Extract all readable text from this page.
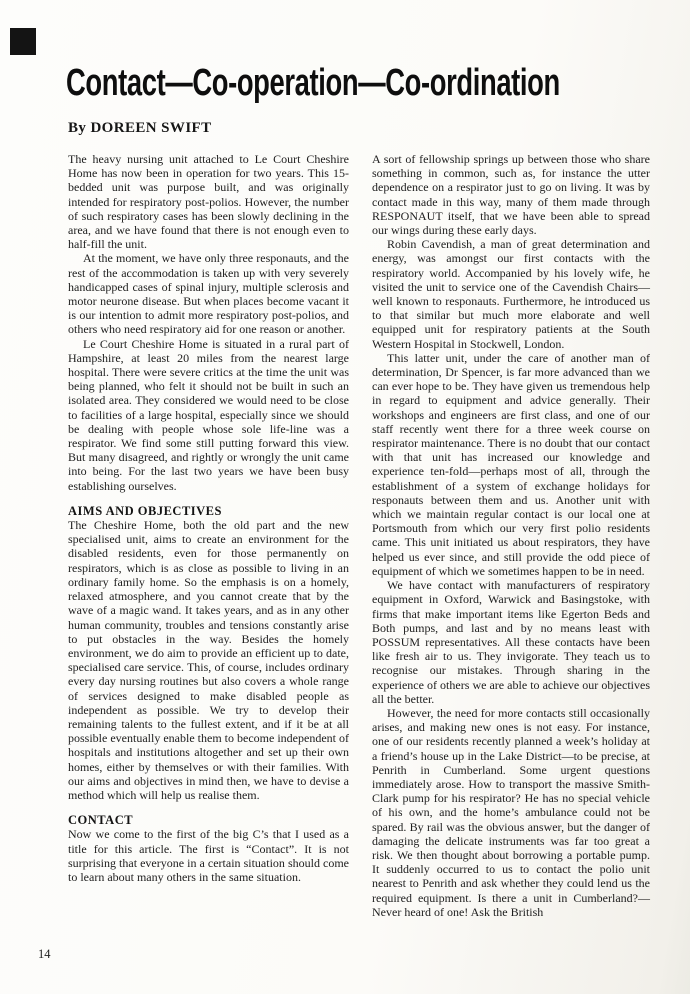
Contact—Co-operation—Co-ordination
By DOREEN SWIFT

The heavy nursing unit attached to Le Court Cheshire Home has now been in operation for two years. This 15-bedded unit was purpose built, and was originally intended for respiratory post-polios. However, the number of such respiratory cases has been slowly declining in the area, and we have found that there is not enough even to half-fill the unit.

At the moment, we have only three responauts, and the rest of the accommodation is taken up with very severely handicapped cases of spinal injury, multiple sclerosis and motor neurone disease. But when places become vacant it is our intention to admit more respiratory post-polios, and others who need respiratory aid for one reason or another.

Le Court Cheshire Home is situated in a rural part of Hampshire, at least 20 miles from the nearest large hospital. There were severe critics at the time the unit was being planned, who felt it should not be built in such an isolated area. They considered we would need to be close to facilities of a large hospital, especially since we should be dealing with people whose sole life-line was a respirator. We find some still putting forward this view. But many disagreed, and rightly or wrongly the unit came into being. For the last two years we have been busy establishing ourselves.

AIMS AND OBJECTIVES

The Cheshire Home, both the old part and the new specialised unit, aims to create an environment for the disabled residents, even for those permanently on respirators, which is as close as possible to living in an ordinary family home. So the emphasis is on a homely, relaxed atmosphere, and you cannot create that by the wave of a magic wand. It takes years, and as in any other human community, troubles and tensions constantly arise to put obstacles in the way. Besides the homely environment, we do aim to provide an efficient up to date, specialised care service. This, of course, includes ordinary every day nursing routines but also covers a whole range of services designed to make disabled people as independent as possible. We try to develop their remaining talents to the fullest extent, and if it be at all possible eventually enable them to become independent of hospitals and institutions altogether and set up their own homes, either by themselves or with their families. With our aims and objectives in mind then, we have to devise a method which will help us realise them.

CONTACT

Now we come to the first of the big C’s that I used as a title for this article. The first is “Contact”. It is not surprising that everyone in a certain situation should come to learn about many others in the same situation.

A sort of fellowship springs up between those who share something in common, such as, for instance the utter dependence on a respirator just to go on living. It was by contact made in this way, many of them made through RESPONAUT itself, that we have been able to spread our wings during these early days.

Robin Cavendish, a man of great determination and energy, was amongst our first contacts with the respiratory world. Accompanied by his lovely wife, he visited the unit to service one of the Cavendish Chairs—well known to responauts. Furthermore, he introduced us to that similar but much more elaborate and well equipped unit for respiratory patients at the South Western Hospital in Stockwell, London.

This latter unit, under the care of another man of determination, Dr Spencer, is far more advanced than we can ever hope to be. They have given us tremendous help in regard to equipment and advice generally. Their workshops and engineers are first class, and one of our staff recently went there for a three week course on respirator maintenance. There is no doubt that our contact with that unit has increased our knowledge and experience ten-fold—perhaps most of all, through the establishment of a system of exchange holidays for responauts between them and us. Another unit with which we maintain regular contact is our local one at Portsmouth from which our very first polio residents came. This unit initiated us about respirators, they have helped us ever since, and still provide the odd piece of equipment of which we sometimes happen to be in need.

We have contact with manufacturers of respiratory equipment in Oxford, Warwick and Basingstoke, with firms that make important items like Egerton Beds and Both pumps, and last and by no means least with POSSUM representatives. All these contacts have been like fresh air to us. They invigorate. They teach us to recognise our mistakes. Through sharing in the experience of others we are able to achieve our objectives all the better.

However, the need for more contacts still occasionally arises, and making new ones is not easy. For instance, one of our residents recently planned a week’s holiday at a friend’s house up in the Lake District—to be precise, at Penrith in Cumberland. Some urgent questions immediately arose. How to transport the massive Smith-Clark pump for his respirator? He has no special vehicle of his own, and the home’s ambulance could not be spared. By rail was the obvious answer, but the danger of damaging the delicate instruments was far too great a risk. We then thought about borrowing a portable pump. It suddenly occurred to us to contact the polio unit nearest to Penrith and ask whether they could lend us the required equipment. Is there a unit in Cumberland?—Never heard of one! Ask the British

14
